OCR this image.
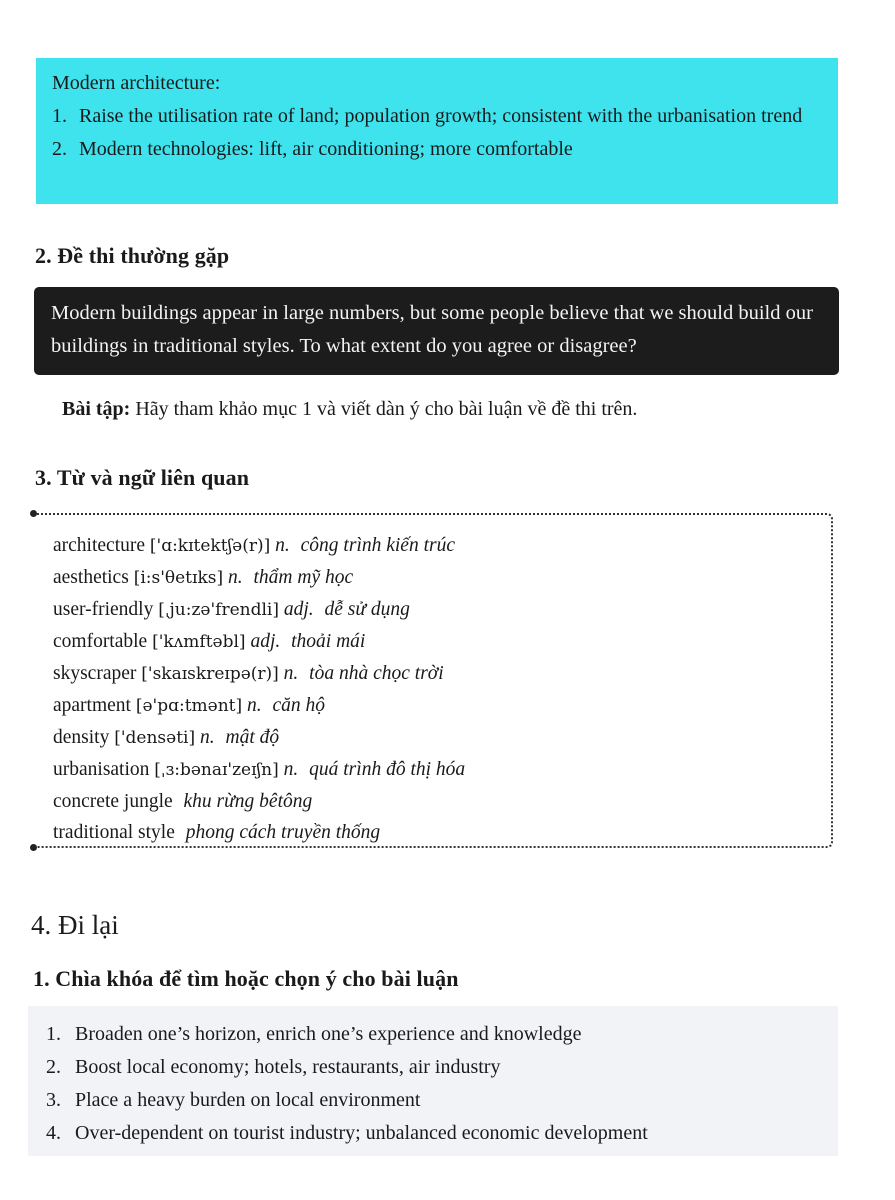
Modern architecture:
1. Raise the utilisation rate of land; population growth; consistent with the urbanisation trend
2. Modern technologies: lift, air conditioning; more comfortable
2. Đề thi thường gặp
Modern buildings appear in large numbers, but some people believe that we should build our buildings in traditional styles. To what extent do you agree or disagree?
Bài tập: Hãy tham khảo mục 1 và viết dàn ý cho bài luận về đề thi trên.
3. Từ và ngữ liên quan
architecture ['ɑ:kɪtektʃə(r)] n. công trình kiến trúc
aesthetics [i:s'θetɪks] n. thẩm mỹ học
user-friendly [ˌju:zə'frendli] adj. dễ sử dụng
comfortable ['kʌmftəbl] adj. thoải mái
skyscraper ['skaɪskreɪpə(r)] n. tòa nhà chọc trời
apartment [ə'pɑ:tmənt] n. căn hộ
density ['densəti] n. mật độ
urbanisation [ˌɜ:bənaɪ'zeɪʃn] n. quá trình đô thị hóa
concrete jungle khu rừng bêtông
traditional style phong cách truyền thống
4. Đi lại
1. Chìa khóa để tìm hoặc chọn ý cho bài luận
1. Broaden one’s horizon, enrich one’s experience and knowledge
2. Boost local economy; hotels, restaurants, air industry
3. Place a heavy burden on local environment
4. Over-dependent on tourist industry; unbalanced economic development
